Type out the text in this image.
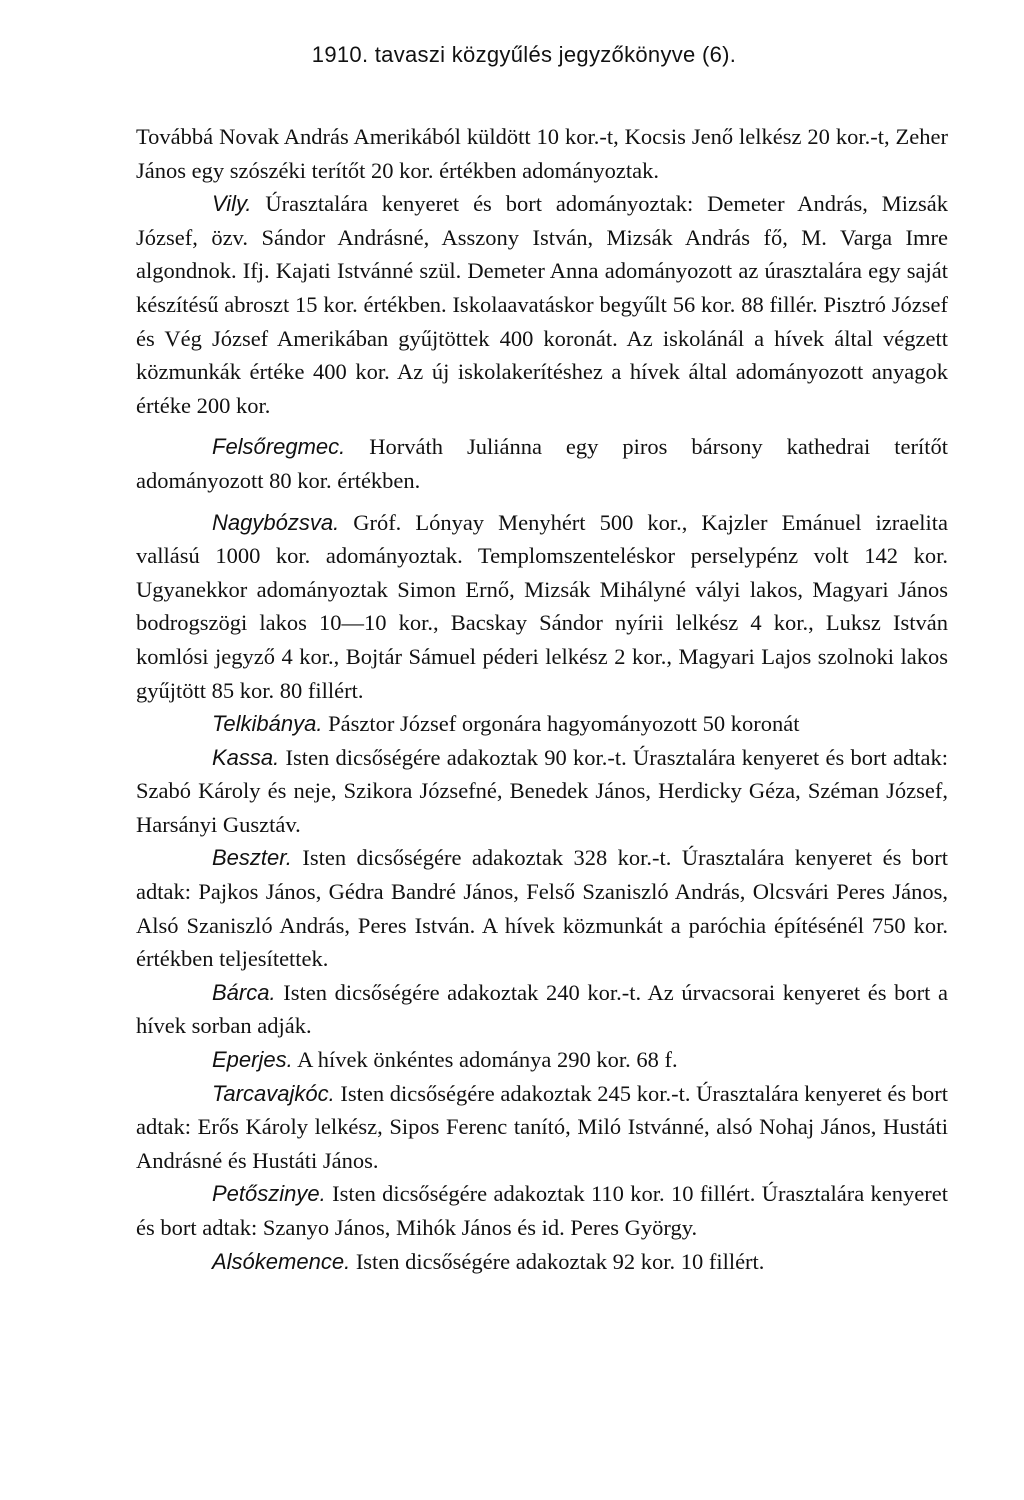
1910. tavaszi közgyűlés jegyzőkönyve (6).

Továbbá Novak András Amerikából küldött 10 kor.-t, Kocsis Jenő lelkész 20 kor.-t, Zeher János egy szószéki terítőt 20 kor. értékben adományoztak.

Vily. Úrasztalára kenyeret és bort adományoztak: Demeter András, Mizsák József, özv. Sándor Andrásné, Asszony István, Mizsák András fő, M. Varga Imre algondnok. Ifj. Kajati Istvánné szül. Demeter Anna adományozott az úrasztalára egy saját készítésű abroszt 15 kor. értékben. Iskolaavatáskor begyűlt 56 kor. 88 fillér. Pisztró József és Vég József Amerikában gyűjtöttek 400 koronát. Az iskolánál a hívek által végzett közmunkák értéke 400 kor. Az új iskolakerítéshez a hívek által adományozott anyagok értéke 200 kor.

Felsőregmec. Horváth Juliánna egy piros bársony kathedrai terítőt adományozott 80 kor. értékben.

Nagybózsva. Gróf. Lónyay Menyhért 500 kor., Kajzler Emánuel izraelita vallású 1000 kor. adományoztak. Templomszenteléskor perselypénz volt 142 kor. Ugyanekkor adományoztak Simon Ernő, Mizsák Mihályné vályi lakos, Magyari János bodrogszögi lakos 10—10 kor., Bacskay Sándor nyírii lelkész 4 kor., Luksz István komlósi jegyző 4 kor., Bojtár Sámuel péderi lelkész 2 kor., Magyari Lajos szolnoki lakos gyűjtött 85 kor. 80 fillért.

Telkibánya. Pásztor József orgonára hagyományozott 50 koronát

Kassa. Isten dicsőségére adakoztak 90 kor.-t. Úrasztalára kenyeret és bort adtak: Szabó Károly és neje, Szikora Józsefné, Benedek János, Herdicky Géza, Széman József, Harsányi Gusztáv.

Beszter. Isten dicsőségére adakoztak 328 kor.-t. Úrasztalára kenyeret és bort adtak: Pajkos János, Gédra Bandré János, Felső Szaniszló András, Olcsvári Peres János, Alsó Szaniszló András, Peres István. A hívek közmunkát a paróchia építésénél 750 kor. értékben teljesítettek.

Bárca. Isten dicsőségére adakoztak 240 kor.-t. Az úrvacsorai kenyeret és bort a hívek sorban adják.

Eperjes. A hívek önkéntes adománya 290 kor. 68 f.

Tarcavajkóc. Isten dicsőségére adakoztak 245 kor.-t. Úrasztalára kenyeret és bort adtak: Erős Károly lelkész, Sipos Ferenc tanító, Miló Istvánné, alsó Nohaj János, Hustáti Andrásné és Hustáti János.

Petőszinye. Isten dicsőségére adakoztak 110 kor. 10 fillért. Úrasztalára kenyeret és bort adtak: Szanyo János, Mihók János és id. Peres György.

Alsókemence. Isten dicsőségére adakoztak 92 kor. 10 fillért.
